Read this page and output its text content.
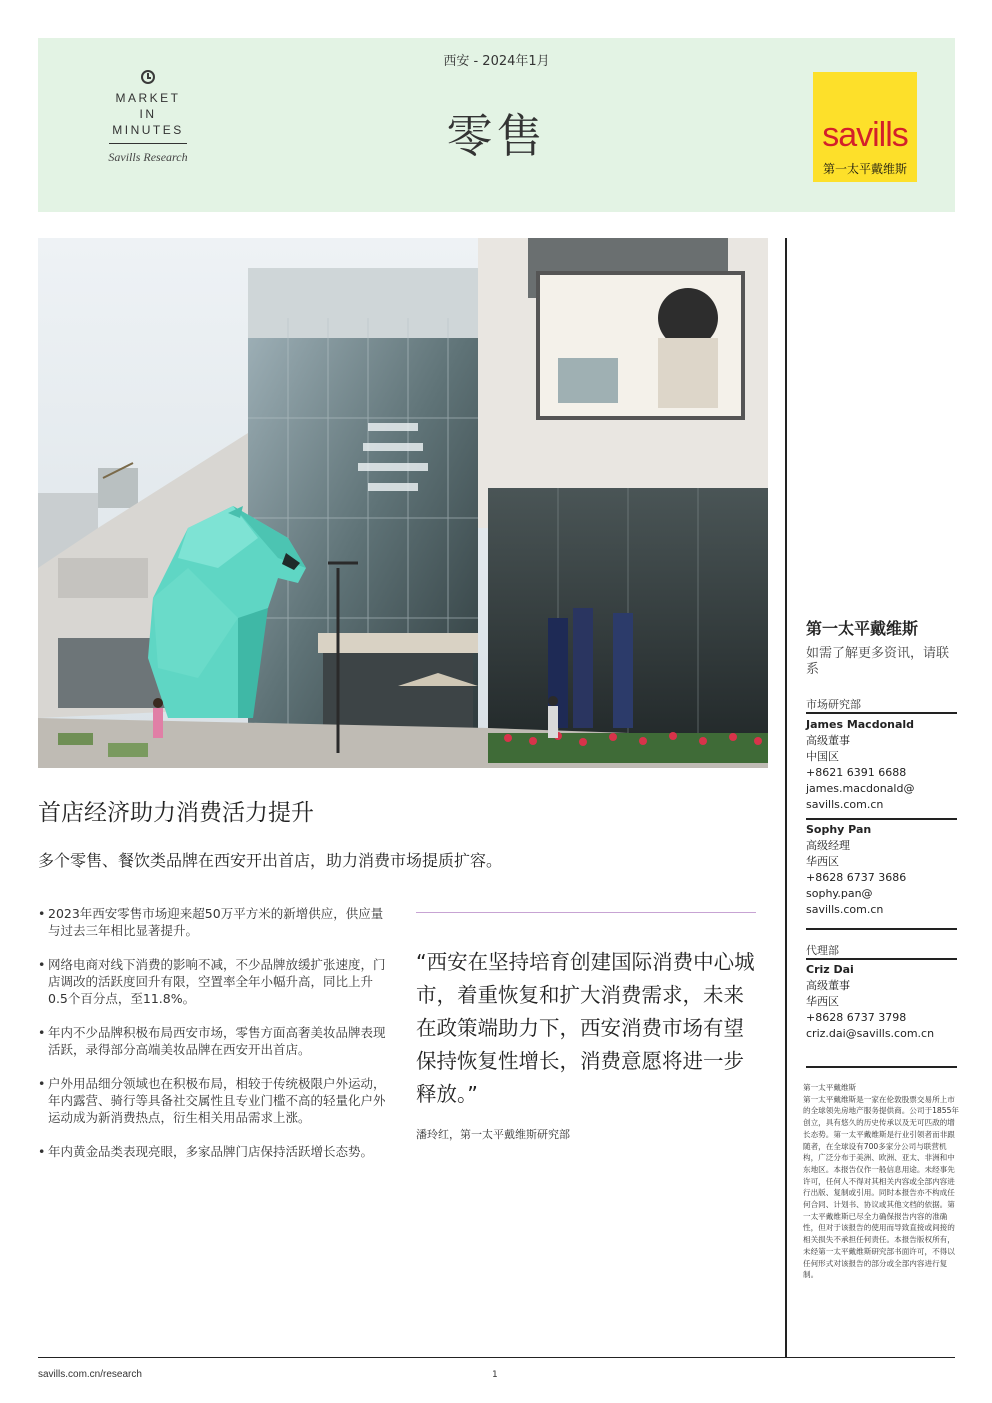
MARKET
IN
MINUTES
Savills Research
西安 - 2024年1月
零售	savills
第一太平戴维斯
首店经济助力消费活力提升
多个零售、餐饮类品牌在西安开出首店，助力消费市场提质扩容。
• 2023年西安零售市场迎来超50万平方米的新增供应，供应量与过去三年相比显著提升。
• 网络电商对线下消费的影响不减，不少品牌放缓扩张速度，门店调改的活跃度回升有限，空置率全年小幅升高，同比上升0.5个百分点，至11.8%。
• 年内不少品牌积极布局西安市场，零售方面高奢美妆品牌表现活跃，录得部分高端美妆品牌在西安开出首店。
• 户外用品细分领域也在积极布局，相较于传统极限户外运动，年内露营、骑行等具备社交属性且专业门槛不高的轻量化户外运动成为新消费热点，衍生相关用品需求上涨。
• 年内黄金品类表现亮眼，多家品牌门店保持活跃增长态势。
“西安在坚持培育创建国际消费中心城市，着重恢复和扩大消费需求，未来在政策端助力下，西安消费市场有望保持恢复性增长，消费意愿将进一步释放。”
潘玲红，第一太平戴维斯研究部
第一太平戴维斯
如需了解更多资讯，请联系
市场研究部
James Macdonald
高级董事
中国区
+8621 6391 6688
james.macdonald@
savills.com.cn
Sophy Pan
高级经理
华西区
+8628 6737 3686
sophy.pan@
savills.com.cn
代理部
Criz Dai
高级董事
华西区
+8628 6737 3798
criz.dai@savills.com.cn
第一太平戴维斯
第一太平戴维斯是一家在伦敦股票交易所上市的全球领先房地产服务提供商。公司于1855年创立，具有悠久的历史传承以及无可匹敌的增长态势。第一太平戴维斯是行业引领者而非跟随者，在全球设有700多家分公司与联营机构，广泛分布于美洲、欧洲、亚太、非洲和中东地区。本报告仅作一般信息用途。未经事先许可，任何人不得对其相关内容或全部内容进行出版、复制或引用。同时本报告亦不构成任何合同、计划书、协议或其他文档的依据。第一太平戴维斯已尽全力确保报告内容的准确性，但对于该报告的使用而导致直接或间接的相关损失不承担任何责任。本报告版权所有，未经第一太平戴维斯研究部书面许可，不得以任何形式对该报告的部分或全部内容进行复制。
savills.com.cn/research	1
